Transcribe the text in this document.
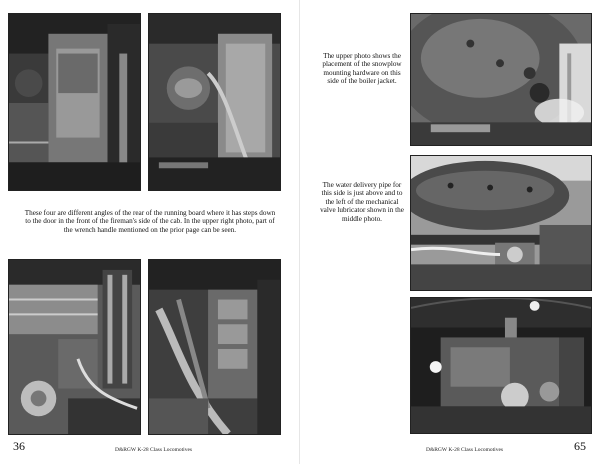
These four are different angles of the rear of the running board where it has steps down to the door in the front of the fireman's side of the cab. In the upper right photo, part of the wrench handle mentioned on the prior page can be seen.

36	D&RGW K-28 Class Locomotives

The upper photo shows the placement of the snowplow mounting hardware on this side of the boiler jacket.

The water delivery pipe for this side is just above and to the left of the mechanical valve lubricator shown in the middle photo.

D&RGW K-28 Class Locomotives	65
